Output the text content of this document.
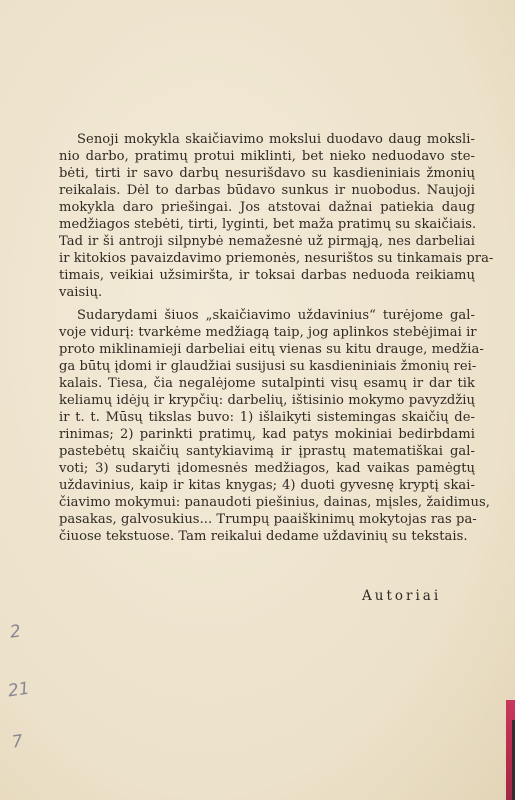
Senoji mokykla skaičiavimo mokslui duodavo daug moksli-
nio darbo, pratimų protui miklinti, bet nieko neduodavo ste-
bėti, tirti ir savo darbų nesurišdavo su kasdieniniais žmonių
reikalais. Dėl to darbas būdavo sunkus ir nuobodus. Naujoji
mokykla daro priešingai. Jos atstovai dažnai patiekia daug
medžiagos stebėti, tirti, lyginti, bet maža pratimų su skaičiais.
Tad ir ši antroji silpnybė nemažesnė už pirmąją, nes darbeliai
ir kitokios pavaizdavimo priemonės, nesurištos su tinkamais pra-
timais, veikiai užsimiršta, ir toksai darbas neduoda reikiamų
vaisių.
Sudarydami šiuos „skaičiavimo uždavinius“ turėjome gal-
voje vidurį: tvarkėme medžiagą taip, jog aplinkos stebėjimai ir
proto miklinamieji darbeliai eitų vienas su kitu drauge, medžia-
ga būtų įdomi ir glaudžiai susijusi su kasdieniniais žmonių rei-
kalais. Tiesa, čia negalėjome sutalpinti visų esamų ir dar tik
keliamų idėjų ir krypčių: darbelių, ištisinio mokymo pavyzdžių
ir t. t. Mūsų tikslas buvo: 1) išlaikyti sistemingas skaičių de-
rinimas; 2) parinkti pratimų, kad patys mokiniai bedirbdami
pastebėtų skaičių santykiavimą ir įprastų matematiškai gal-
voti; 3) sudaryti įdomesnės medžiagos, kad vaikas pamėgtų
uždavinius, kaip ir kitas knygas; 4) duoti gyvesnę kryptį skai-
čiavimo mokymui: panaudoti piešinius, dainas, mįsles, žaidimus,
pasakas, galvosukius... Trumpų paaiškinimų mokytojas ras pa-
čiuose tekstuose. Tam reikalui dedame uždavinių su tekstais.
Autoriai
2
21
7
